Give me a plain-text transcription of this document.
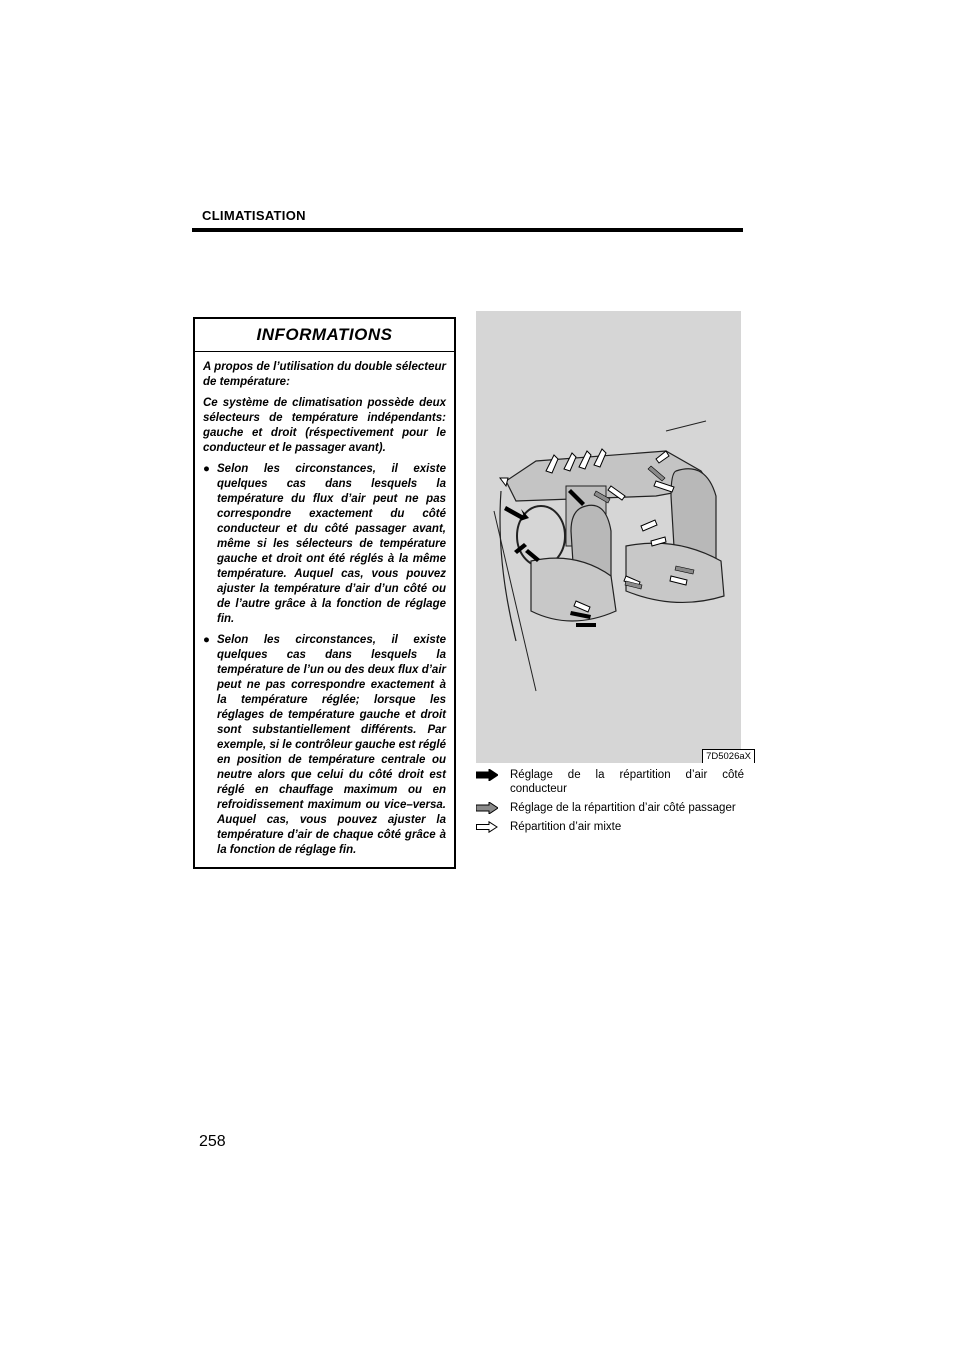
CLIMATISATION
INFORMATIONS

A propos de l’utilisation du double sélecteur de température:

Ce système de climatisation possède deux sélecteurs de température indépendants: gauche et droit (réspectivement pour le conducteur et le passager avant).

● Selon les circonstances, il existe quelques cas dans lesquels la température du flux d’air peut ne pas correspondre exactement du côté conducteur et du côté passager avant, même si les sélecteurs de température gauche et droit ont été réglés à la même température. Auquel cas, vous pouvez ajuster la température d’air d’un côté ou de l’autre grâce à la fonction de réglage fin.

● Selon les circonstances, il existe quelques cas dans lesquels la température de l’un ou des deux flux d’air peut ne pas correspondre exactement à la température réglée; lorsque les réglages de température gauche et droit sont substantiellement différents. Par exemple, si le contrôleur gauche est réglé en position de température centrale ou neutre alors que celui du côté droit est réglé en chauffage maximum ou en refroidissement maximum ou vice–versa. Auquel cas, vous pouvez ajuster la température d’air de chaque côté grâce à la fonction de réglage fin.

7D5026aX
Réglage de la répartition d’air côté conducteur
Réglage de la répartition d’air côté passager
Répartition d’air mixte
258
